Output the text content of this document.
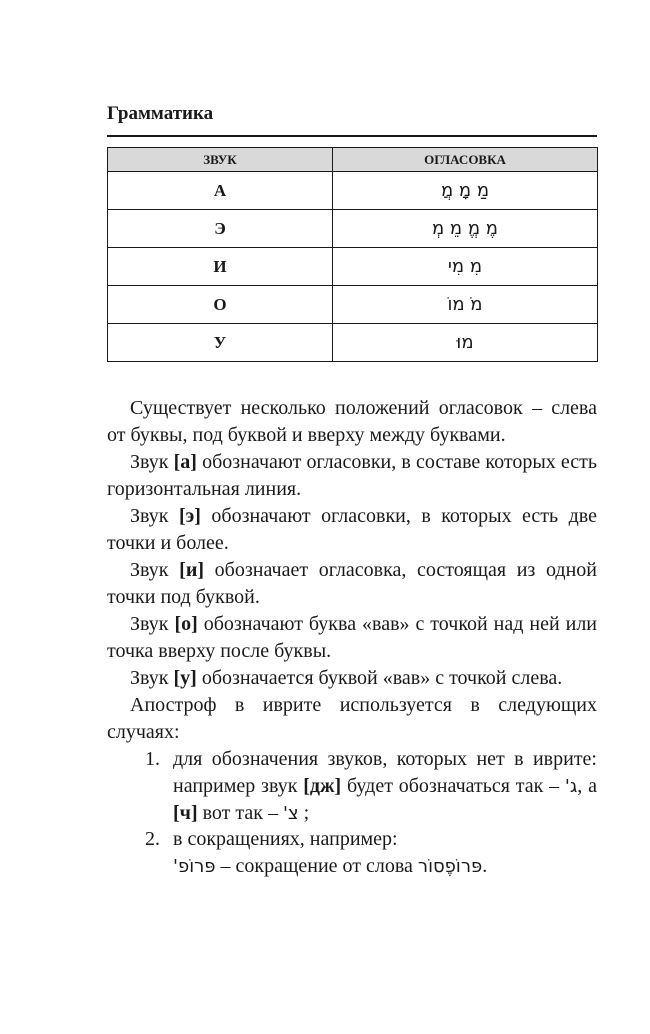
Грамматика
ЗВУК	ОГЛАСОВКА
А	מַ מָ מֲ
Э	מֶ מֱ מֵ מְ
И	מִ מִי
О	מֹ מוֹ
У	מוּ

Существует несколько положений огласовок – слева от буквы, под буквой и вверху между буквами.

Звук [а] обозначают огласовки, в составе которых есть горизонтальная линия.

Звук [э] обозначают огласовки, в которых есть две точки и более.

Звук [и] обозначает огласовка, состоящая из одной точки под буквой.

Звук [о] обозначают буква «вав» с точкой над ней или точка вверху после буквы.

Звук [у] обозначается буквой «вав» с точкой слева.

Апостроф в иврите используется в следующих случаях:

1. для обозначения звуков, которых нет в иврите: например звук [дж] будет обозначаться так – ג', а [ч] вот так – צ' ;
2. в сокращениях, например:
פּרוֹפ' – сокращение от слова פּרוֹפֶסוֹר.
